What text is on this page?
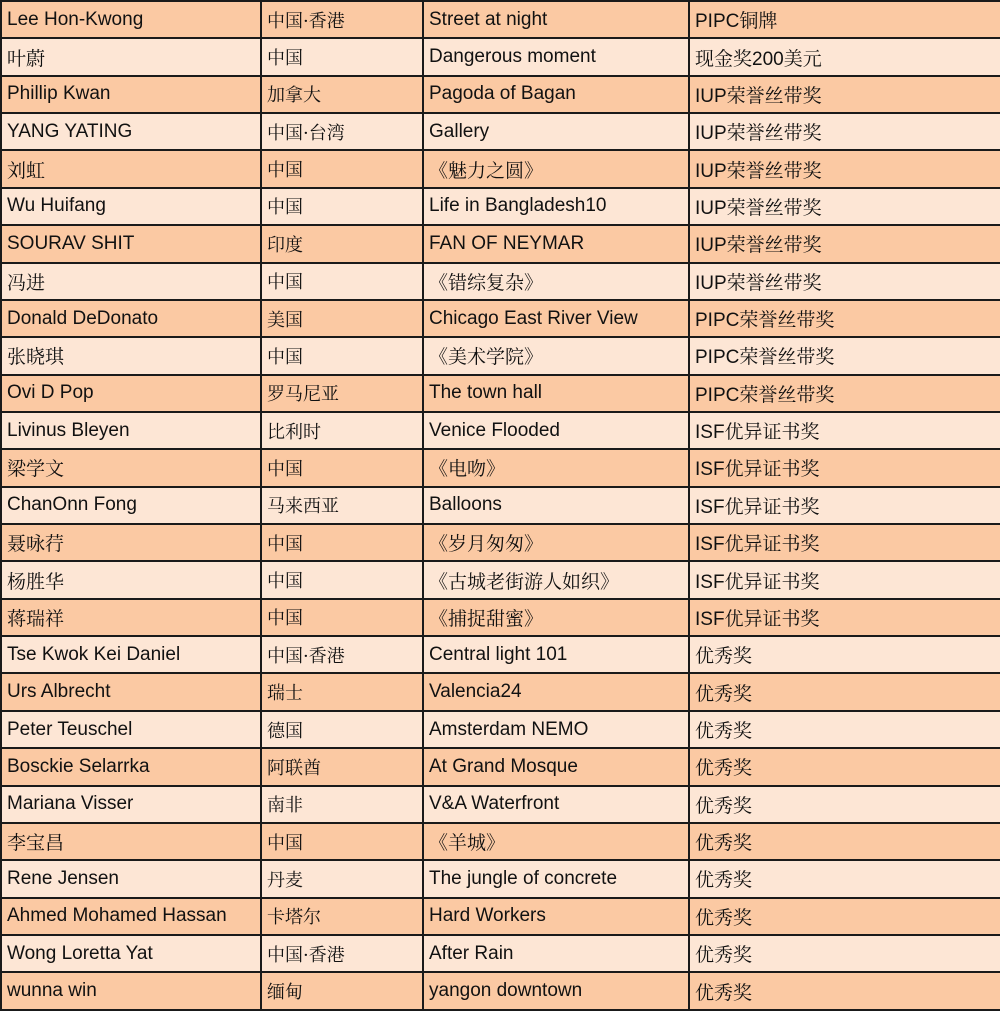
Lee Hon-Kwong	中国·香港	Street at night	PIPC铜牌
叶蔚	中国	Dangerous moment	现金奖200美元
Phillip Kwan	加拿大	Pagoda of Bagan	IUP荣誉丝带奖
YANG YATING	中国·台湾	Gallery	IUP荣誉丝带奖
刘虹	中国	《魅力之圆》	IUP荣誉丝带奖
Wu Huifang	中国	Life in Bangladesh10	IUP荣誉丝带奖
SOURAV SHIT	印度	FAN OF NEYMAR	IUP荣誉丝带奖
冯进	中国	《错综复杂》	IUP荣誉丝带奖
Donald DeDonato	美国	Chicago East River View	PIPC荣誉丝带奖
张晓琪	中国	《美术学院》	PIPC荣誉丝带奖
Ovi D Pop	罗马尼亚	The town hall	PIPC荣誉丝带奖
Livinus Bleyen	比利时	Venice Flooded	ISF优异证书奖
梁学文	中国	《电吻》	ISF优异证书奖
ChanOnn Fong	马来西亚	Balloons	ISF优异证书奖
聂咏荇	中国	《岁月匆匆》	ISF优异证书奖
杨胜华	中国	《古城老街游人如织》	ISF优异证书奖
蒋瑞祥	中国	《捕捉甜蜜》	ISF优异证书奖
Tse Kwok Kei Daniel	中国·香港	Central light 101	优秀奖
Urs Albrecht	瑞士	Valencia24	优秀奖
Peter Teuschel	德国	Amsterdam NEMO	优秀奖
Bosckie Selarrka	阿联酋	At Grand Mosque	优秀奖
Mariana Visser	南非	V&A Waterfront	优秀奖
李宝昌	中国	《羊城》	优秀奖
Rene Jensen	丹麦	The jungle of concrete	优秀奖
Ahmed Mohamed Hassan	卡塔尔	Hard Workers	优秀奖
Wong Loretta Yat	中国·香港	After Rain	优秀奖
wunna win	缅甸	yangon downtown	优秀奖
